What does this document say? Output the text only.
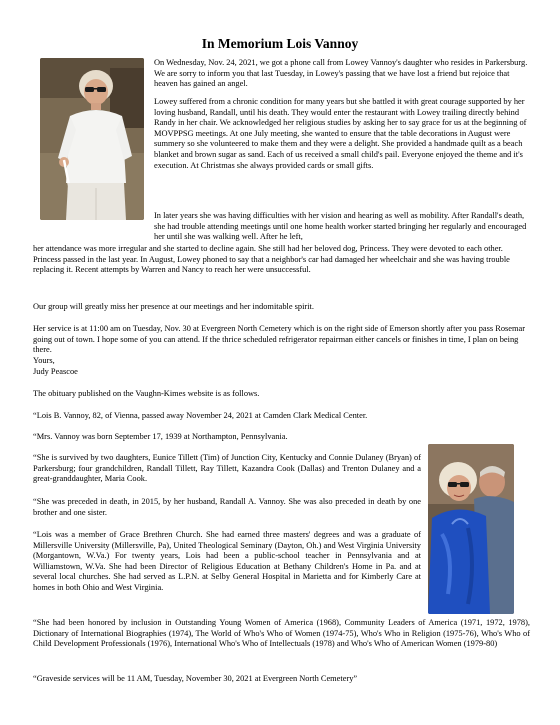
In Memorium Lois Vannoy

On Wednesday, Nov. 24, 2021, we got a phone call from Lowey Vannoy's daughter who resides in Parkersburg. We are sorry to inform you that last Tuesday, in Lowey's passing that we have lost a friend but rejoice that heaven has gained an angel.

Lowey suffered from a chronic condition for many years but she battled it with great courage supported by her loving husband, Randall, until his death. They would enter the restaurant with Lowey trailing directly behind Randy in her chair. We acknowledged her religious studies by asking her to say grace for us at the beginning of MOVPPSG meetings. At one July meeting, she wanted to ensure that the table decorations in August were summery so she volunteered to make them and they were a delight. She provided a handmade quilt as a beach blanket and brown sugar as sand. Each of us received a small child's pail. Everyone enjoyed the theme and it's execution. At Christmas she always provided cards or small gifts.

In later years she was having difficulties with her vision and hearing as well as mobility. After Randall's death, she had trouble attending meetings until one home health worker started bringing her regularly and encouraged her until she was walking well. After he left,

her attendance was more irregular and she started to decline again. She still had her beloved dog, Princess. They were devoted to each other. Princess passed in the last year. In August, Lowey phoned to say that a neighbor's car had damaged her wheelchair and she was having trouble replacing it. Recent attempts by Warren and Nancy to reach her were unsuccessful.

Our group will greatly miss her presence at our meetings and her indomitable spirit.

Her service is at 11:00 am on Tuesday, Nov. 30 at Evergreen North Cemetery which is on the right side of Emerson shortly after you pass Rosemar going out of town. I hope some of you can attend. If the thrice scheduled refrigerator repairman either cancels or finishes in time, I plan on being there.

Yours,

Judy Peascoe

The obituary published on the Vaughn-Kimes website is as follows.

“Lois B. Vannoy, 82, of Vienna, passed away November 24, 2021 at Camden Clark Medical Center.

“Mrs. Vannoy was born September 17, 1939 at Northampton, Pennsylvania.

“She is survived by two daughters, Eunice Tillett (Tim) of Junction City, Kentucky and Connie Dulaney (Bryan) of Parkersburg; four grandchildren, Randall Tillett, Ray Tillett, Kazandra Cook (Dallas) and Trenton Dulaney and a great-granddaughter, Maria Cook.

“She was preceded in death, in 2015, by her husband, Randall A. Vannoy. She was also preceded in death by one brother and one sister.

“Lois was a member of Grace Brethren Church. She had earned three masters' degrees and was a graduate of Millersville University (Millersville, Pa), United Theological Seminary (Dayton, Oh.) and West Virginia University (Morgantown, W.Va.) For twenty years, Lois had been a public-school teacher in Pennsylvania and at Williamstown, W.Va. She had been Director of Religious Education at Bethany Children's Home in Pa. and at several local churches. She had served as L.P.N. at Selby General Hospital in Marietta and for Kimberly Care at homes in both Ohio and West Virginia.

“She had been honored by inclusion in Outstanding Young Women of America (1968), Community Leaders of America (1971, 1972, 1978), Dictionary of International Biographies (1974), The World of Who's Who of Women (1974-75), Who's Who in Religion (1975-76), Who's Who of Child Development Professionals (1976), International Who's Who of Intellectuals (1978) and Who's Who of American Women (1979-80)

“Graveside services will be 11 AM, Tuesday, November 30, 2021 at Evergreen North Cemetery”
